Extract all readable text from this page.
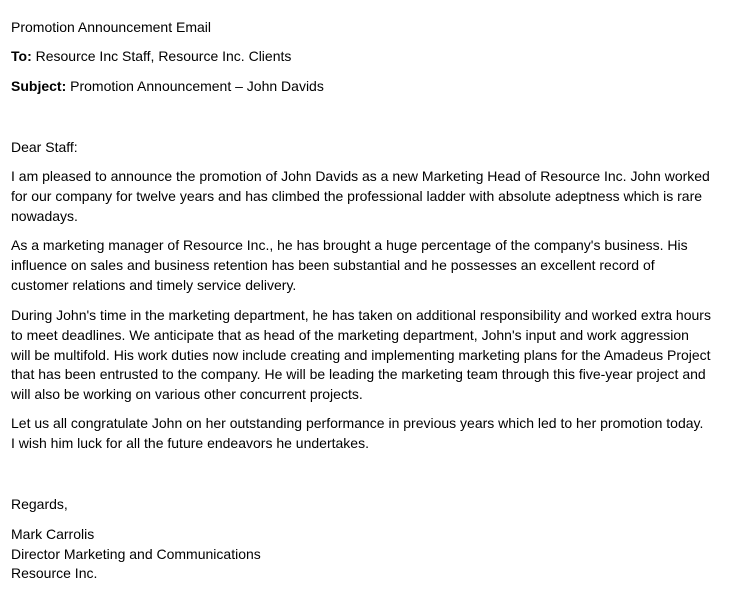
Promotion Announcement Email
To: Resource Inc Staff, Resource Inc. Clients
Subject: Promotion Announcement – John Davids
Dear Staff:
I am pleased to announce the promotion of John Davids as a new Marketing Head of Resource Inc. John worked for our company for twelve years and has climbed the professional ladder with absolute adeptness which is rare nowadays.
As a marketing manager of Resource Inc., he has brought a huge percentage of the company's business. His influence on sales and business retention has been substantial and he possesses an excellent record of customer relations and timely service delivery.
During John's time in the marketing department, he has taken on additional responsibility and worked extra hours to meet deadlines. We anticipate that as head of the marketing department, John's input and work aggression will be multifold. His work duties now include creating and implementing marketing plans for the Amadeus Project that has been entrusted to the company. He will be leading the marketing team through this five-year project and will also be working on various other concurrent projects.
Let us all congratulate John on her outstanding performance in previous years which led to her promotion today. I wish him luck for all the future endeavors he undertakes.
Regards,
Mark Carrolis
Director Marketing and Communications
Resource Inc.
